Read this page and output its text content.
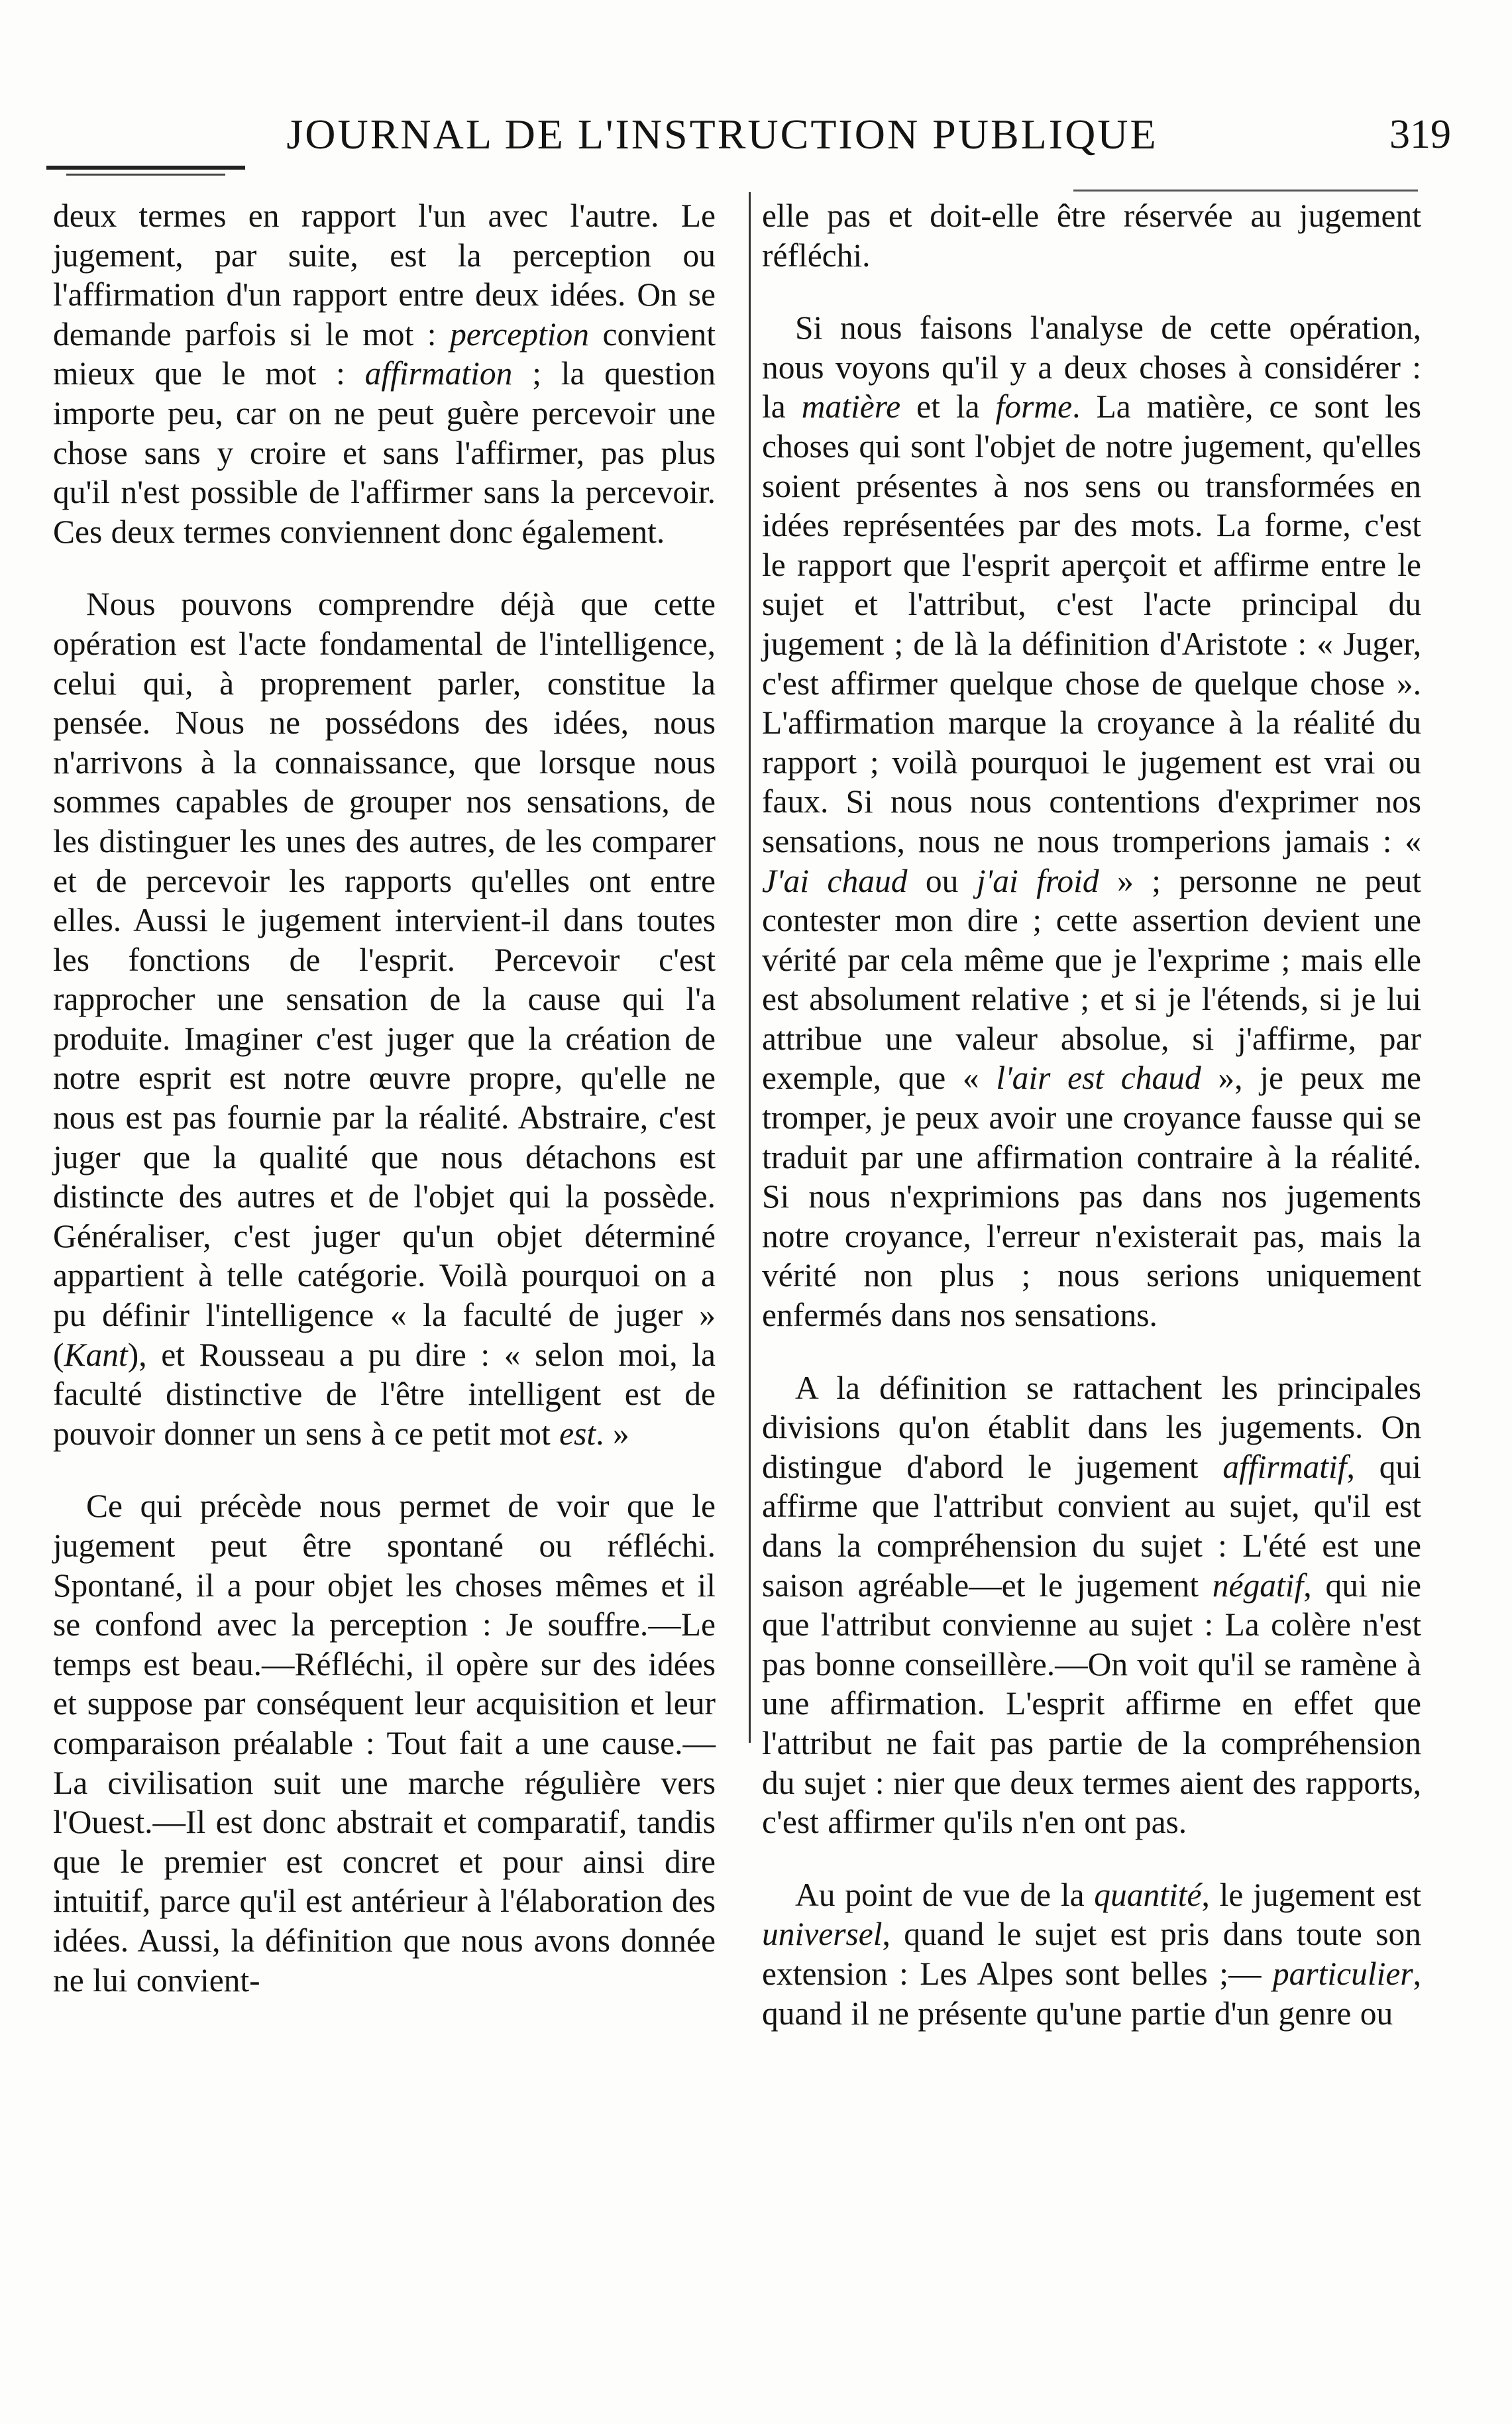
JOURNAL DE L'INSTRUCTION PUBLIQUE	319

deux termes en rapport l'un avec l'autre. Le jugement, par suite, est la perception ou l'affirmation d'un rapport entre deux idées. On se demande parfois si le mot : perception convient mieux que le mot : affirmation ; la question importe peu, car on ne peut guère percevoir une chose sans y croire et sans l'affirmer, pas plus qu'il n'est possible de l'affirmer sans la percevoir. Ces deux termes conviennent donc également.

Nous pouvons comprendre déjà que cette opération est l'acte fondamental de l'intelligence, celui qui, à proprement parler, constitue la pensée. Nous ne possédons des idées, nous n'arrivons à la connaissance, que lorsque nous sommes capables de grouper nos sensations, de les distinguer les unes des autres, de les comparer et de percevoir les rapports qu'elles ont entre elles. Aussi le jugement intervient-il dans toutes les fonctions de l'esprit. Percevoir c'est rapprocher une sensation de la cause qui l'a produite. Imaginer c'est juger que la création de notre esprit est notre œuvre propre, qu'elle ne nous est pas fournie par la réalité. Abstraire, c'est juger que la qualité que nous détachons est distincte des autres et de l'objet qui la possède. Généraliser, c'est juger qu'un objet déterminé appartient à telle catégorie. Voilà pourquoi on a pu définir l'intelligence « la faculté de juger » (Kant), et Rousseau a pu dire : « selon moi, la faculté distinctive de l'être intelligent est de pouvoir donner un sens à ce petit mot est. »

Ce qui précède nous permet de voir que le jugement peut être spontané ou réfléchi. Spontané, il a pour objet les choses mêmes et il se confond avec la perception : Je souffre.—Le temps est beau.—Réfléchi, il opère sur des idées et suppose par conséquent leur acquisition et leur comparaison préalable : Tout fait a une cause.—La civilisation suit une marche régulière vers l'Ouest.—Il est donc abstrait et comparatif, tandis que le premier est concret et pour ainsi dire intuitif, parce qu'il est antérieur à l'élaboration des idées. Aussi, la définition que nous avons donnée ne lui convient-

elle pas et doit-elle être réservée au jugement réfléchi.

Si nous faisons l'analyse de cette opération, nous voyons qu'il y a deux choses à considérer : la matière et la forme. La matière, ce sont les choses qui sont l'objet de notre jugement, qu'elles soient présentes à nos sens ou transformées en idées représentées par des mots. La forme, c'est le rapport que l'esprit aperçoit et affirme entre le sujet et l'attribut, c'est l'acte principal du jugement ; de là la définition d'Aristote : « Juger, c'est affirmer quelque chose de quelque chose ». L'affirmation marque la croyance à la réalité du rapport ; voilà pourquoi le jugement est vrai ou faux. Si nous nous contentions d'exprimer nos sensations, nous ne nous tromperions jamais : « J'ai chaud ou j'ai froid » ; personne ne peut contester mon dire ; cette assertion devient une vérité par cela même que je l'exprime ; mais elle est absolument relative ; et si je l'étends, si je lui attribue une valeur absolue, si j'affirme, par exemple, que « l'air est chaud », je peux me tromper, je peux avoir une croyance fausse qui se traduit par une affirmation contraire à la réalité. Si nous n'exprimions pas dans nos jugements notre croyance, l'erreur n'existerait pas, mais la vérité non plus ; nous serions uniquement enfermés dans nos sensations.

A la définition se rattachent les principales divisions qu'on établit dans les jugements. On distingue d'abord le jugement affirmatif, qui affirme que l'attribut convient au sujet, qu'il est dans la compréhension du sujet : L'été est une saison agréable—et le jugement négatif, qui nie que l'attribut convienne au sujet : La colère n'est pas bonne conseillère.—On voit qu'il se ramène à une affirmation. L'esprit affirme en effet que l'attribut ne fait pas partie de la compréhension du sujet : nier que deux termes aient des rapports, c'est affirmer qu'ils n'en ont pas.

Au point de vue de la quantité, le jugement est universel, quand le sujet est pris dans toute son extension : Les Alpes sont belles ;— particulier, quand il ne présente qu'une partie d'un genre ou
